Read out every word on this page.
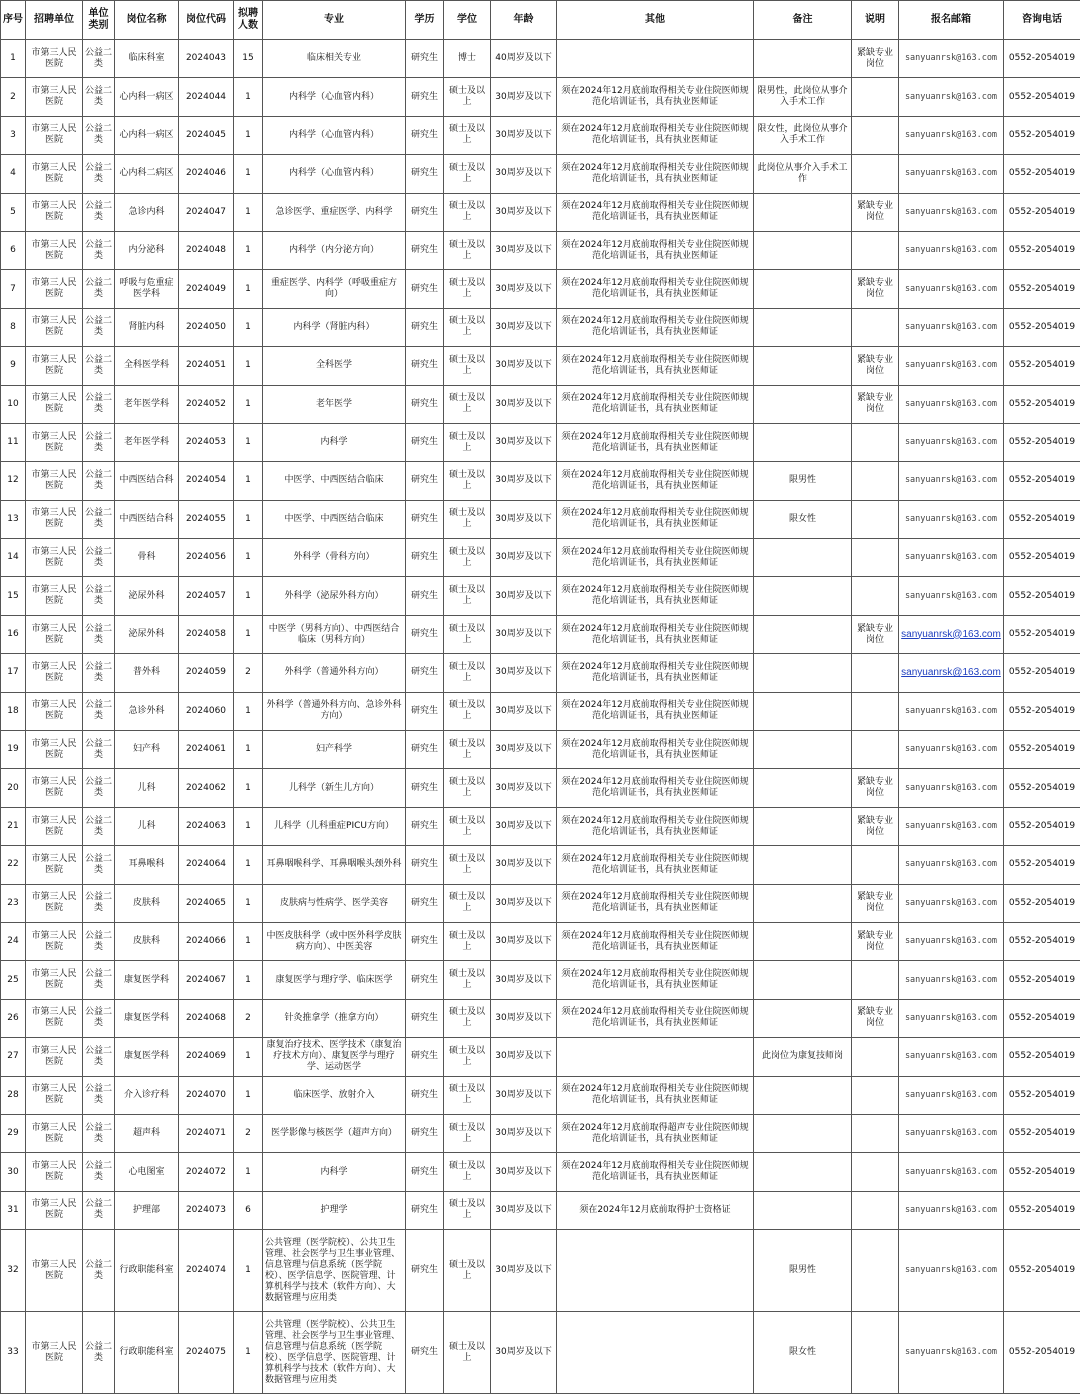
序号	招聘单位	单位类别	岗位名称	岗位代码	拟聘人数	专业	学历	学位	年龄	其他	备注	说明	报名邮箱	咨询电话
1	市第三人民医院	公益二类	临床科室	2024043	15	临床相关专业	研究生	博士	40周岁及以下			紧缺专业岗位	sanyuanrsk@163.com	0552-2054019
2	市第三人民医院	公益二类	心内科一病区	2024044	1	内科学（心血管内科）	研究生	硕士及以上	30周岁及以下	须在2024年12月底前取得相关专业住院医师规范化培训证书，具有执业医师证	限男性，此岗位从事介入手术工作		sanyuanrsk@163.com	0552-2054019
3	市第三人民医院	公益二类	心内科一病区	2024045	1	内科学（心血管内科）	研究生	硕士及以上	30周岁及以下	须在2024年12月底前取得相关专业住院医师规范化培训证书，具有执业医师证	限女性，此岗位从事介入手术工作		sanyuanrsk@163.com	0552-2054019
4	市第三人民医院	公益二类	心内科二病区	2024046	1	内科学（心血管内科）	研究生	硕士及以上	30周岁及以下	须在2024年12月底前取得相关专业住院医师规范化培训证书，具有执业医师证	此岗位从事介入手术工作		sanyuanrsk@163.com	0552-2054019
5	市第三人民医院	公益二类	急诊内科	2024047	1	急诊医学、重症医学、内科学	研究生	硕士及以上	30周岁及以下	须在2024年12月底前取得相关专业住院医师规范化培训证书，具有执业医师证		紧缺专业岗位	sanyuanrsk@163.com	0552-2054019
6	市第三人民医院	公益二类	内分泌科	2024048	1	内科学（内分泌方向）	研究生	硕士及以上	30周岁及以下	须在2024年12月底前取得相关专业住院医师规范化培训证书，具有执业医师证			sanyuanrsk@163.com	0552-2054019
7	市第三人民医院	公益二类	呼吸与危重症医学科	2024049	1	重症医学、内科学（呼吸重症方向）	研究生	硕士及以上	30周岁及以下	须在2024年12月底前取得相关专业住院医师规范化培训证书，具有执业医师证		紧缺专业岗位	sanyuanrsk@163.com	0552-2054019
8	市第三人民医院	公益二类	肾脏内科	2024050	1	内科学（肾脏内科）	研究生	硕士及以上	30周岁及以下	须在2024年12月底前取得相关专业住院医师规范化培训证书，具有执业医师证			sanyuanrsk@163.com	0552-2054019
9	市第三人民医院	公益二类	全科医学科	2024051	1	全科医学	研究生	硕士及以上	30周岁及以下	须在2024年12月底前取得相关专业住院医师规范化培训证书，具有执业医师证		紧缺专业岗位	sanyuanrsk@163.com	0552-2054019
10	市第三人民医院	公益二类	老年医学科	2024052	1	老年医学	研究生	硕士及以上	30周岁及以下	须在2024年12月底前取得相关专业住院医师规范化培训证书，具有执业医师证		紧缺专业岗位	sanyuanrsk@163.com	0552-2054019
11	市第三人民医院	公益二类	老年医学科	2024053	1	内科学	研究生	硕士及以上	30周岁及以下	须在2024年12月底前取得相关专业住院医师规范化培训证书，具有执业医师证			sanyuanrsk@163.com	0552-2054019
12	市第三人民医院	公益二类	中西医结合科	2024054	1	中医学、中西医结合临床	研究生	硕士及以上	30周岁及以下	须在2024年12月底前取得相关专业住院医师规范化培训证书，具有执业医师证	限男性		sanyuanrsk@163.com	0552-2054019
13	市第三人民医院	公益二类	中西医结合科	2024055	1	中医学、中西医结合临床	研究生	硕士及以上	30周岁及以下	须在2024年12月底前取得相关专业住院医师规范化培训证书，具有执业医师证	限女性		sanyuanrsk@163.com	0552-2054019
14	市第三人民医院	公益二类	骨科	2024056	1	外科学（骨科方向）	研究生	硕士及以上	30周岁及以下	须在2024年12月底前取得相关专业住院医师规范化培训证书，具有执业医师证			sanyuanrsk@163.com	0552-2054019
15	市第三人民医院	公益二类	泌尿外科	2024057	1	外科学（泌尿外科方向）	研究生	硕士及以上	30周岁及以下	须在2024年12月底前取得相关专业住院医师规范化培训证书，具有执业医师证			sanyuanrsk@163.com	0552-2054019
16	市第三人民医院	公益二类	泌尿外科	2024058	1	中医学（男科方向）、中西医结合临床（男科方向）	研究生	硕士及以上	30周岁及以下	须在2024年12月底前取得相关专业住院医师规范化培训证书，具有执业医师证		紧缺专业岗位	sanyuanrsk@163.com	0552-2054019
17	市第三人民医院	公益二类	普外科	2024059	2	外科学（普通外科方向）	研究生	硕士及以上	30周岁及以下	须在2024年12月底前取得相关专业住院医师规范化培训证书，具有执业医师证			sanyuanrsk@163.com	0552-2054019
18	市第三人民医院	公益二类	急诊外科	2024060	1	外科学（普通外科方向、急诊外科方向）	研究生	硕士及以上	30周岁及以下	须在2024年12月底前取得相关专业住院医师规范化培训证书，具有执业医师证			sanyuanrsk@163.com	0552-2054019
19	市第三人民医院	公益二类	妇产科	2024061	1	妇产科学	研究生	硕士及以上	30周岁及以下	须在2024年12月底前取得相关专业住院医师规范化培训证书，具有执业医师证			sanyuanrsk@163.com	0552-2054019
20	市第三人民医院	公益二类	儿科	2024062	1	儿科学（新生儿方向）	研究生	硕士及以上	30周岁及以下	须在2024年12月底前取得相关专业住院医师规范化培训证书，具有执业医师证		紧缺专业岗位	sanyuanrsk@163.com	0552-2054019
21	市第三人民医院	公益二类	儿科	2024063	1	儿科学（儿科重症PICU方向）	研究生	硕士及以上	30周岁及以下	须在2024年12月底前取得相关专业住院医师规范化培训证书，具有执业医师证		紧缺专业岗位	sanyuanrsk@163.com	0552-2054019
22	市第三人民医院	公益二类	耳鼻喉科	2024064	1	耳鼻咽喉科学、耳鼻咽喉头颈外科	研究生	硕士及以上	30周岁及以下	须在2024年12月底前取得相关专业住院医师规范化培训证书，具有执业医师证			sanyuanrsk@163.com	0552-2054019
23	市第三人民医院	公益二类	皮肤科	2024065	1	皮肤病与性病学、医学美容	研究生	硕士及以上	30周岁及以下	须在2024年12月底前取得相关专业住院医师规范化培训证书，具有执业医师证		紧缺专业岗位	sanyuanrsk@163.com	0552-2054019
24	市第三人民医院	公益二类	皮肤科	2024066	1	中医皮肤科学（或中医外科学皮肤病方向）、中医美容	研究生	硕士及以上	30周岁及以下	须在2024年12月底前取得相关专业住院医师规范化培训证书，具有执业医师证		紧缺专业岗位	sanyuanrsk@163.com	0552-2054019
25	市第三人民医院	公益二类	康复医学科	2024067	1	康复医学与理疗学、临床医学	研究生	硕士及以上	30周岁及以下	须在2024年12月底前取得相关专业住院医师规范化培训证书，具有执业医师证			sanyuanrsk@163.com	0552-2054019
26	市第三人民医院	公益二类	康复医学科	2024068	2	针灸推拿学（推拿方向）	研究生	硕士及以上	30周岁及以下	须在2024年12月底前取得相关专业住院医师规范化培训证书，具有执业医师证		紧缺专业岗位	sanyuanrsk@163.com	0552-2054019
27	市第三人民医院	公益二类	康复医学科	2024069	1	康复治疗技术、医学技术（康复治疗技术方向）、康复医学与理疗学、运动医学	研究生	硕士及以上	30周岁及以下		此岗位为康复技师岗		sanyuanrsk@163.com	0552-2054019
28	市第三人民医院	公益二类	介入诊疗科	2024070	1	临床医学、放射介入	研究生	硕士及以上	30周岁及以下	须在2024年12月底前取得相关专业住院医师规范化培训证书，具有执业医师证			sanyuanrsk@163.com	0552-2054019
29	市第三人民医院	公益二类	超声科	2024071	2	医学影像与核医学（超声方向）	研究生	硕士及以上	30周岁及以下	须在2024年12月底前取得超声专业住院医师规范化培训证书，具有执业医师证			sanyuanrsk@163.com	0552-2054019
30	市第三人民医院	公益二类	心电图室	2024072	1	内科学	研究生	硕士及以上	30周岁及以下	须在2024年12月底前取得相关专业住院医师规范化培训证书，具有执业医师证			sanyuanrsk@163.com	0552-2054019
31	市第三人民医院	公益二类	护理部	2024073	6	护理学	研究生	硕士及以上	30周岁及以下	须在2024年12月底前取得护士资格证			sanyuanrsk@163.com	0552-2054019
32	市第三人民医院	公益二类	行政职能科室	2024074	1	公共管理（医学院校）、公共卫生管理、社会医学与卫生事业管理、信息管理与信息系统（医学院校）、医学信息学、医院管理、计算机科学与技术（软件方向）、大数据管理与应用类	研究生	硕士及以上	30周岁及以下		限男性		sanyuanrsk@163.com	0552-2054019
33	市第三人民医院	公益二类	行政职能科室	2024075	1	公共管理（医学院校）、公共卫生管理、社会医学与卫生事业管理、信息管理与信息系统（医学院校）、医学信息学、医院管理、计算机科学与技术（软件方向）、大数据管理与应用类	研究生	硕士及以上	30周岁及以下		限女性		sanyuanrsk@163.com	0552-2054019
